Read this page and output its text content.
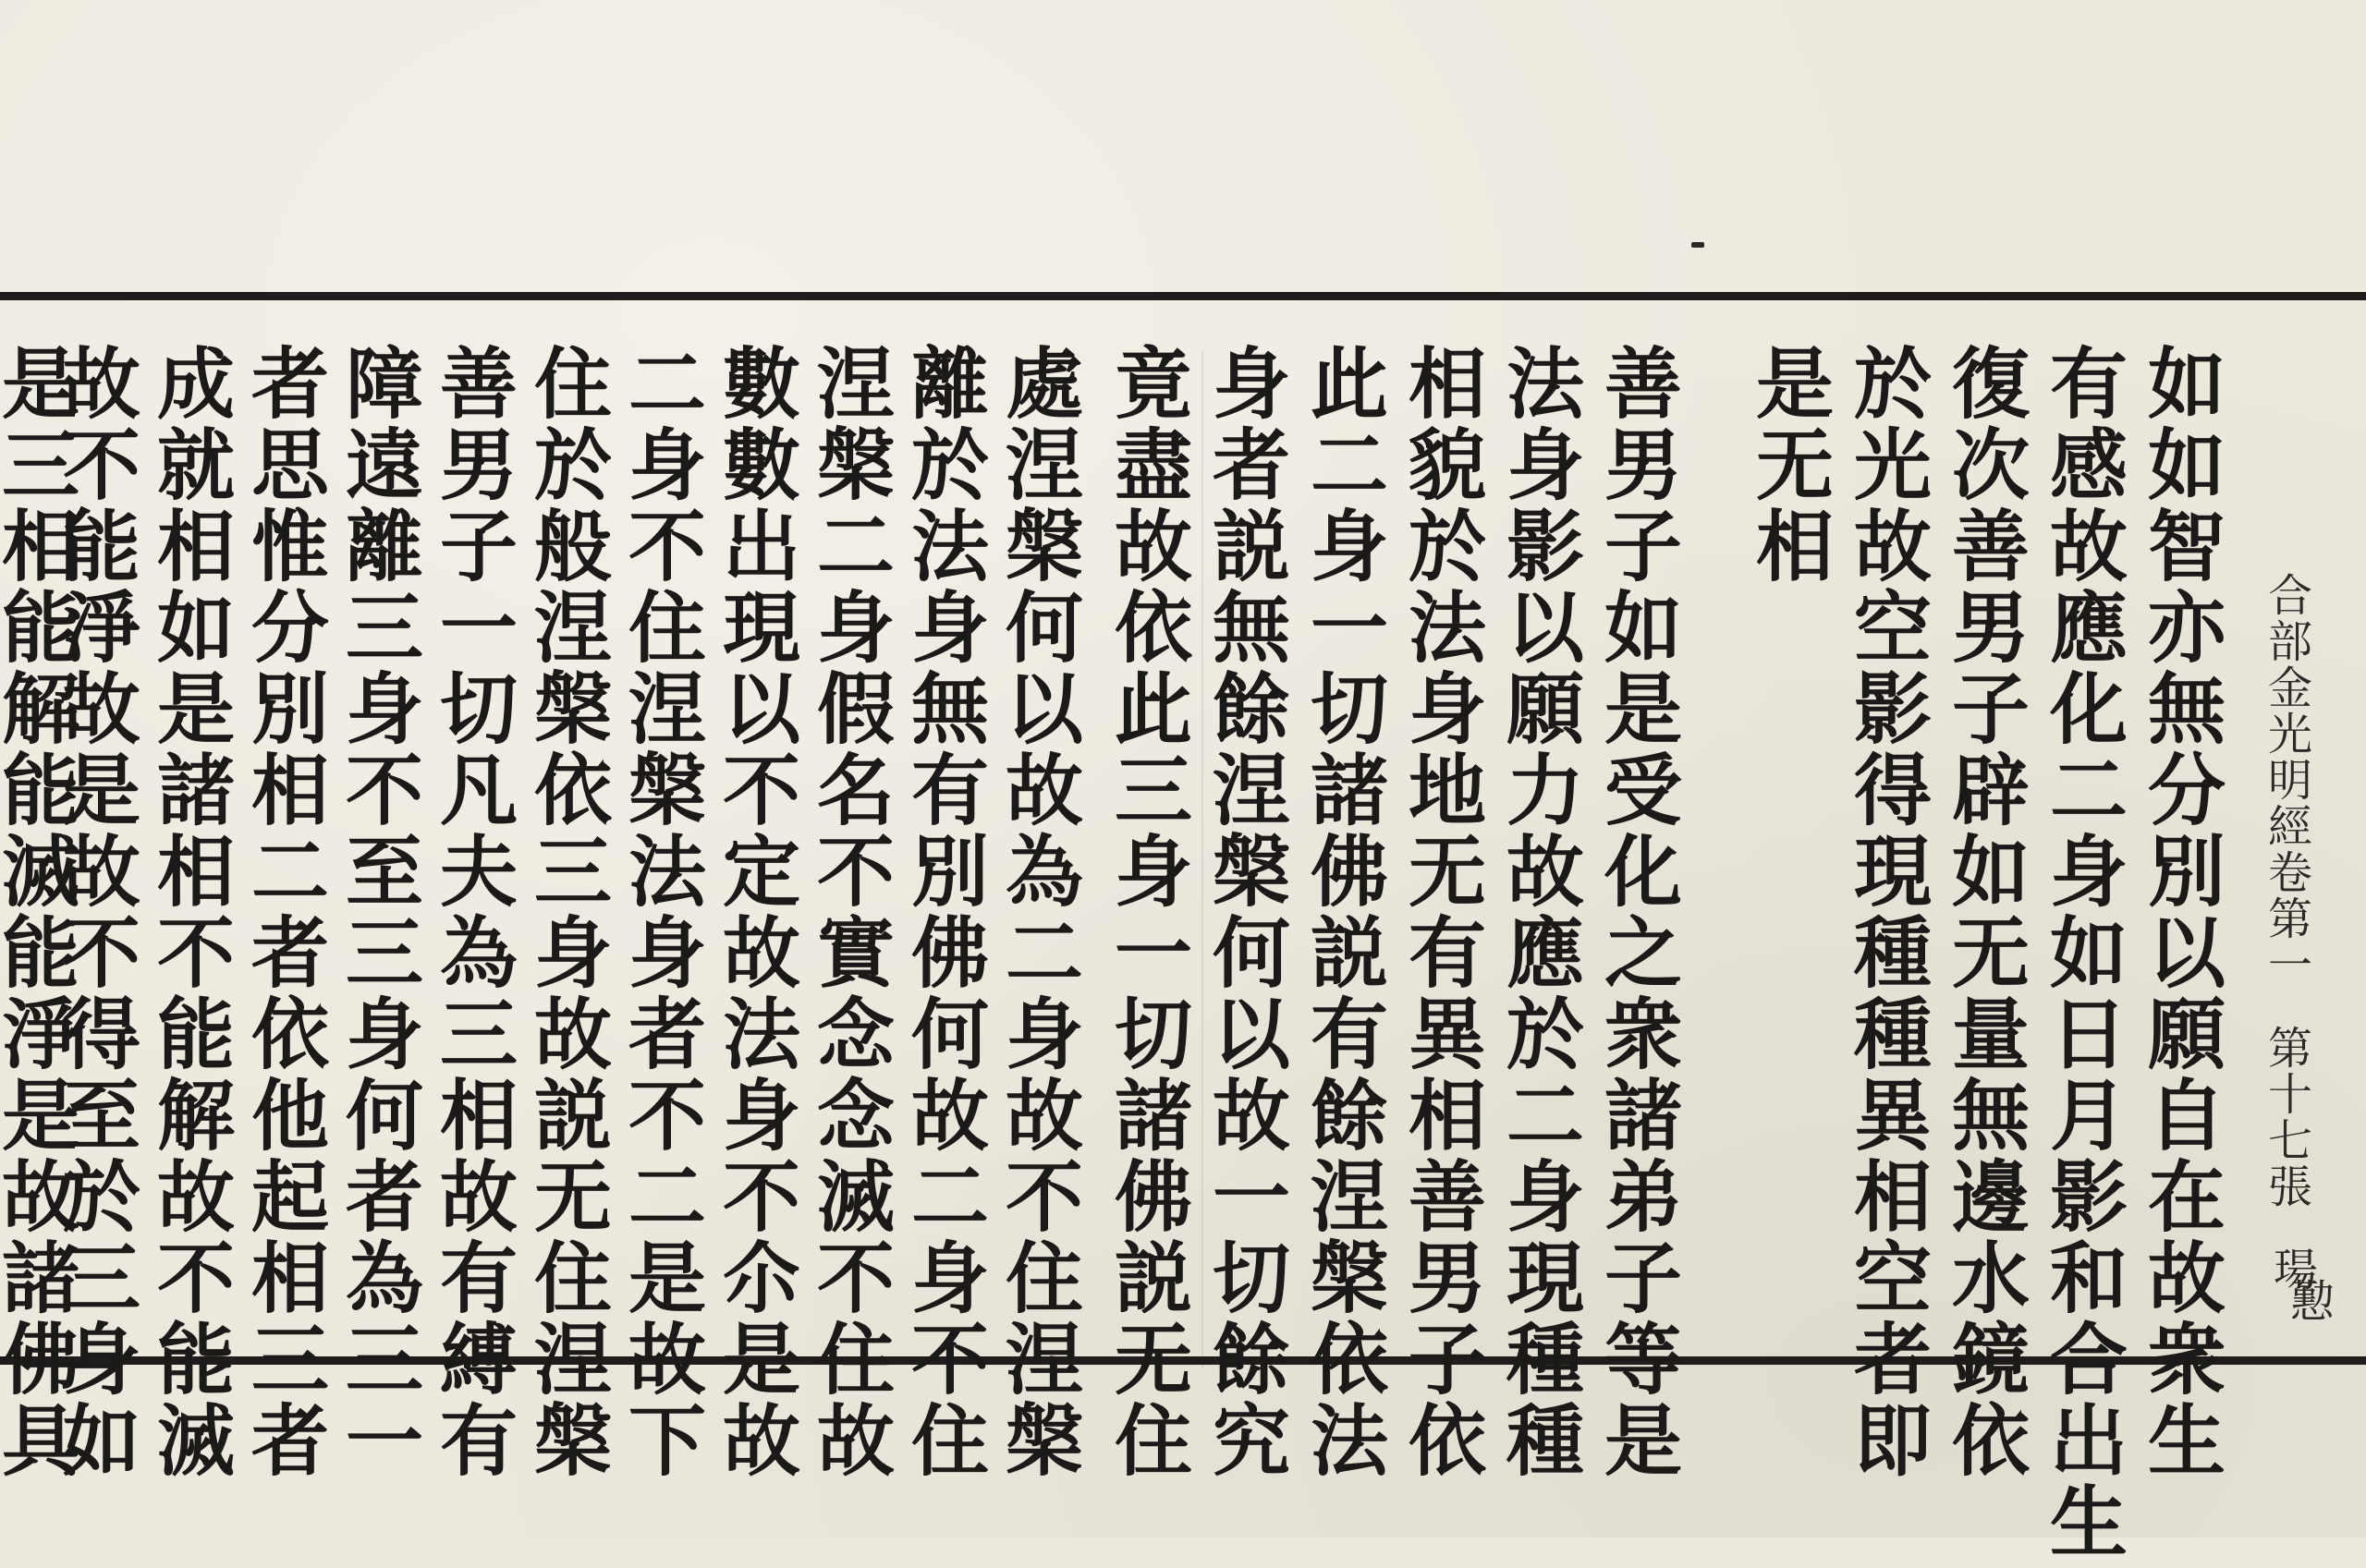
如
如
智
亦
無
分
別
以
願
自
在
故
衆
生
有
感
故
應
化
二
身
如
日
月
影
和
合
出
生
復
次
善
男
子
辟
如
无
量
無
邊
水
鏡
依
於
光
故
空
影
得
現
種
種
異
相
空
者
即
是
无
相
善
男
子
如
是
受
化
之
衆
諸
弟
子
等
是
法
身
影
以
願
力
故
應
於
二
身
現
種
種
相
貌
於
法
身
地
无
有
異
相
善
男
子
依
此
二
身
一
切
諸
佛
説
有
餘
涅
槃
依
法
身
者
説
無
餘
涅
槃
何
以
故
一
切
餘
究
竟
盡
故
依
此
三
身
一
切
諸
佛
説
无
住
處
涅
槃
何
以
故
為
二
身
故
不
住
涅
槃
離
於
法
身
無
有
別
佛
何
故
二
身
不
住
涅
槃
二
身
假
名
不
實
念
念
滅
不
住
故
數
數
出
現
以
不
定
故
法
身
不
尒
是
故
二
身
不
住
涅
槃
法
身
者
不
二
是
故
下
住
於
般
涅
槃
依
三
身
故
説
无
住
涅
槃
善
男
子
一
切
凡
夫
為
三
相
故
有
縛
有
障
遠
離
三
身
不
至
三
身
何
者
為
三
一
者
思
惟
分
別
相
二
者
依
他
起
相
三
者
成
就
相
如
是
諸
相
不
能
解
故
不
能
滅
故
不
能
淨
故
是
故
不
得
至
於
三
身
如
是
三
相
能
解
能
滅
能
淨
是
故
諸
佛
具
合部金光明經卷第一
第十七張
瑒
懃
